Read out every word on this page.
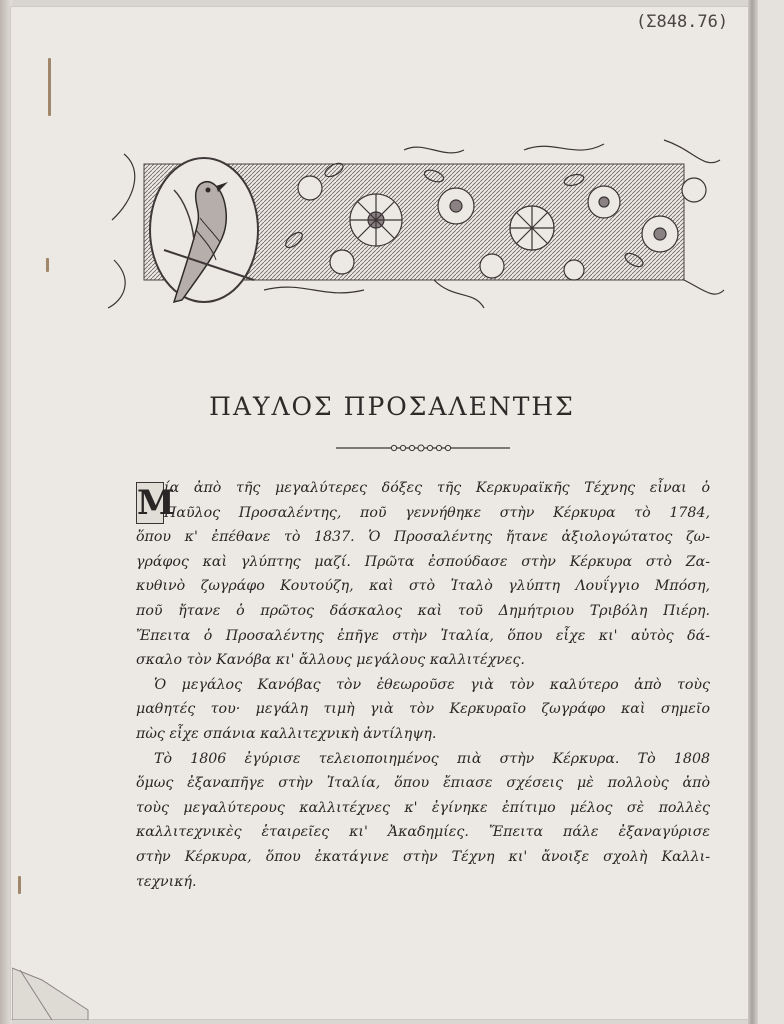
(Σ848.76)
ΠΑΥΛΟΣ ΠΡΟΣΑΛΕΝΤΗΣ
Μ
ία ἀπὸ τῆς μεγαλύτερες δόξες τῆς Κερκυραϊκῆς Τέχνης εἶναι ὁ
Παῦλος Προσαλέντης, ποῦ γεννήθηκε στὴν Κέρκυρα τὸ 1784,
ὅπου κ' ἐπέθανε τὸ 1837. Ὁ Προσαλέντης ἤτανε ἀξιολογώτατος ζω-
γράφος καὶ γλύπτης μαζί. Πρῶτα ἐσπούδασε στὴν Κέρκυρα στὸ Ζα-
κυθινὸ ζωγράφο Κουτούζη, καὶ στὸ Ἰταλὸ γλύπτη Λουΐγγιο Μπόση,
ποῦ ἤτανε ὁ πρῶτος δάσκαλος καὶ τοῦ Δημήτριου Τριβόλη Πιέρη.
Ἔπειτα ὁ Προσαλέντης ἐπῆγε στὴν Ἰταλία, ὅπου εἶχε κι' αὐτὸς δά-
σκαλο τὸν Κανόβα κι' ἄλλους μεγάλους καλλιτέχνες.
Ὁ μεγάλος Κανόβας τὸν ἐθεωροῦσε γιὰ τὸν καλύτερο ἀπὸ τοὺς
μαθητές του· μεγάλη τιμὴ γιὰ τὸν Κερκυραῖο ζωγράφο καὶ σημεῖο
πὼς εἶχε σπάνια καλλιτεχνικὴ ἀντίληψη.
Τὸ 1806 ἐγύρισε τελειοποιημένος πιὰ στὴν Κέρκυρα. Τὸ 1808
ὅμως ἐξαναπῆγε στὴν Ἰταλία, ὅπου ἔπιασε σχέσεις μὲ πολλοὺς ἀπὸ
τοὺς μεγαλύτερους καλλιτέχνες κ' ἐγίνηκε ἐπίτιμο μέλος σὲ πολλὲς
καλλιτεχνικὲς ἑταιρεῖες κι' Ἀκαδημίες. Ἔπειτα πάλε ἐξαναγύρισε
στὴν Κέρκυρα, ὅπου ἐκατάγινε στὴν Τέχνη κι' ἄνοιξε σχολὴ Καλλι-
τεχνική.
